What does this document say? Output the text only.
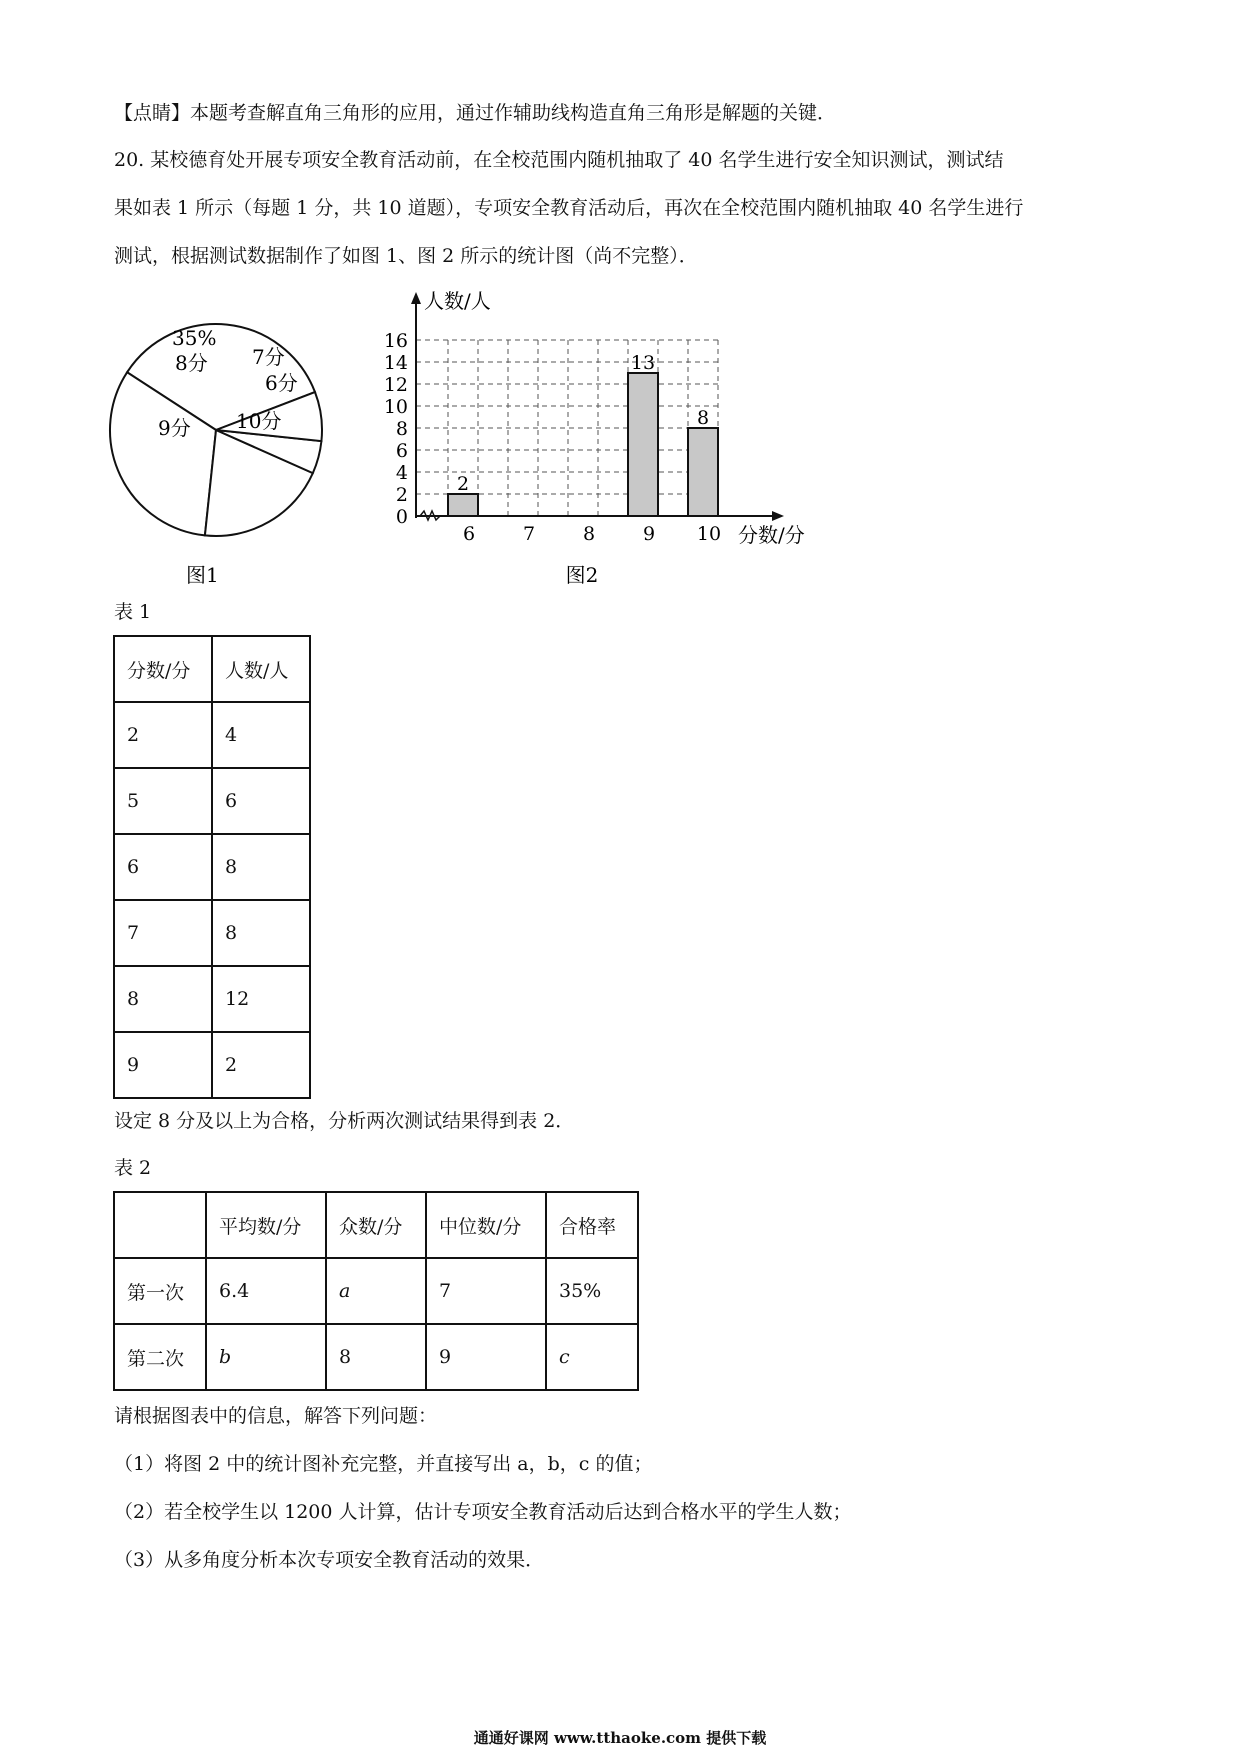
【点睛】本题考查解直角三角形的应用，通过作辅助线构造直角三角形是解题的关键．
20. 某校德育处开展专项安全教育活动前，在全校范围内随机抽取了 40 名学生进行安全知识测试，测试结
果如表 1 所示（每题 1 分，共 10 道题），专项安全教育活动后，再次在全校范围内随机抽取 40 名学生进行
测试，根据测试数据制作了如图 1、图 2 所示的统计图（尚不完整）．
35%
8分 7分
6分
10分
9分
图1
0
2
4
6
8
10
12
14
16
人数/人
6
2
7	8	9
13
10
8
分数/分
图2
表 1
分数/分	人数/人
2	4
5	6
6	8
7	8
8	12
9	2
设定 8 分及以上为合格，分析两次测试结果得到表 2．
表 2
	平均数/分	众数/分	中位数/分	合格率
第一次	6.4	a	7	35%
第二次	b	8	9	c
请根据图表中的信息，解答下列问题：
（1）将图 2 中的统计图补充完整，并直接写出 a，b，c 的值；
（2）若全校学生以 1200 人计算，估计专项安全教育活动后达到合格水平的学生人数；
（3）从多角度分析本次专项安全教育活动的效果．
通通好课网 www.tthaoke.com 提供下载
